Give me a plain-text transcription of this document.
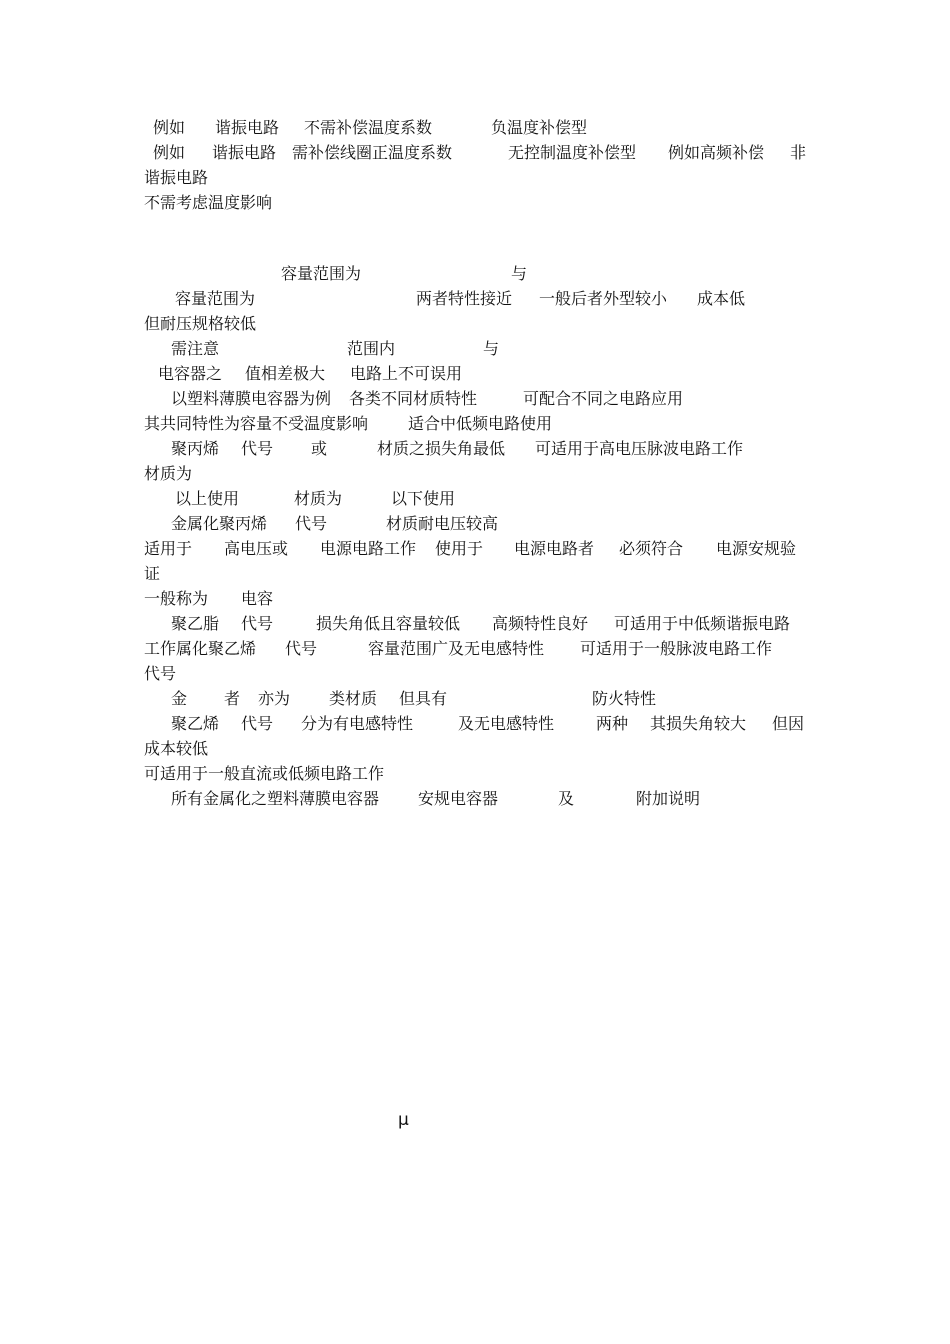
例如 谐振电路 不需补偿温度系数	负温度补偿型
例如 谐振电路 需补偿线圈正温度系数	无控制温度补偿型 例如高频补偿 非
谐振电路
不需考虑温度影响
容量范围为	与
容量范围为	两者特性接近 一般后者外型较小 成本低
但耐压规格较低
需注意	范围内	与
电容器之 值相差极大 电路上不可误用
以塑料薄膜电容器为例 各类不同材质特性	可配合不同之电路应用
其共同特性为容量不受温度影响 适合中低频电路使用
聚丙烯 代号 或	材质之损失角最低 可适用于高电压脉波电路工作
材质为
以上使用	材质为	以下使用
金属化聚丙烯 代号	材质耐电压较高
适用于 高电压或 电源电路工作 使用于 电源电路者 必须符合 电源安规验
证
一般称为 电容
聚乙脂 代号	损失角低且容量较低 高频特性良好 可适用于中低频谐振电路
工作属化聚乙烯 代号	容量范围广及无电感特性 可适用于一般脉波电路工作
代号
金 者 亦为 类材质 但具有	防火特性
聚乙烯 代号 分为有电感特性	及无电感特性	两种 其损失角较大 但因
成本较低
可适用于一般直流或低频电路工作
所有金属化之塑料薄膜电容器 安规电容器	及	附加说明
μ
